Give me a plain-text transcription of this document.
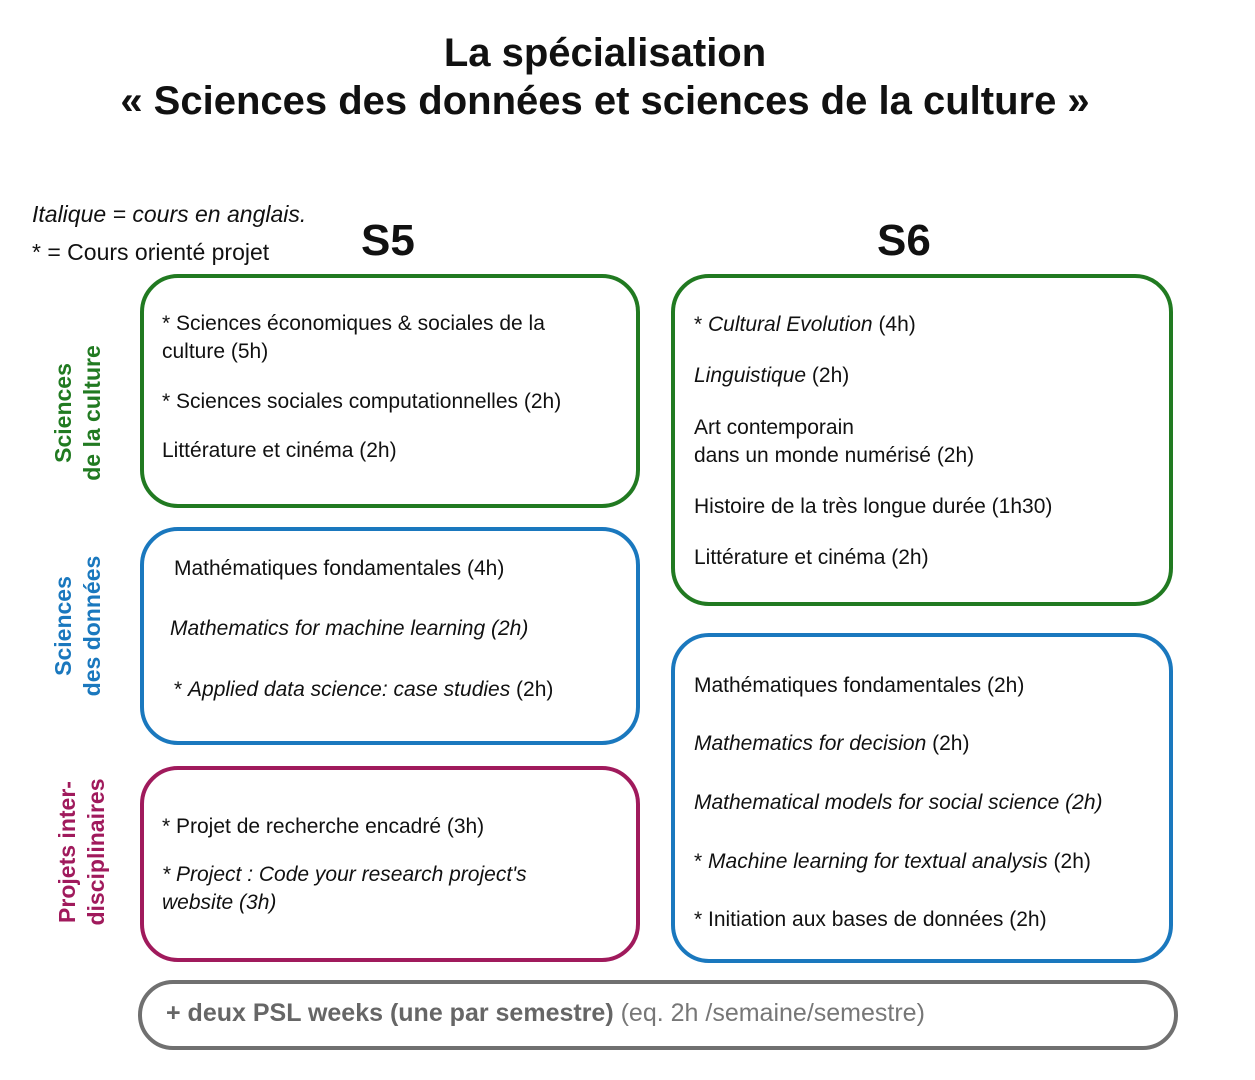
La spécialisation
« Sciences des données et sciences de la culture »
Italique = cours en anglais.
* = Cours orienté projet S5	S6
Sciences de la culture
Sciences des données
Projets inter- disciplinaires
+ deux PSL weeks (une par semestre) (eq. 2h /semaine/semestre)
* Sciences économiques & sociales de la
culture (5h)
* Sciences sociales computationnelles (2h)
Littérature et cinéma (2h)
Mathématiques fondamentales (4h)
Mathematics for machine learning (2h)
* Applied data science: case studies (2h)
* Projet de recherche encadré (3h)
* Project : Code your research project's
website (3h)
* Cultural Evolution (4h)
Linguistique (2h)
Art contemporain
dans un monde numérisé (2h)
Histoire de la très longue durée (1h30)
Littérature et cinéma (2h)
Mathématiques fondamentales (2h)
Mathematics for decision (2h)
Mathematical models for social science (2h)
* Machine learning for textual analysis (2h)
* Initiation aux bases de données (2h)
